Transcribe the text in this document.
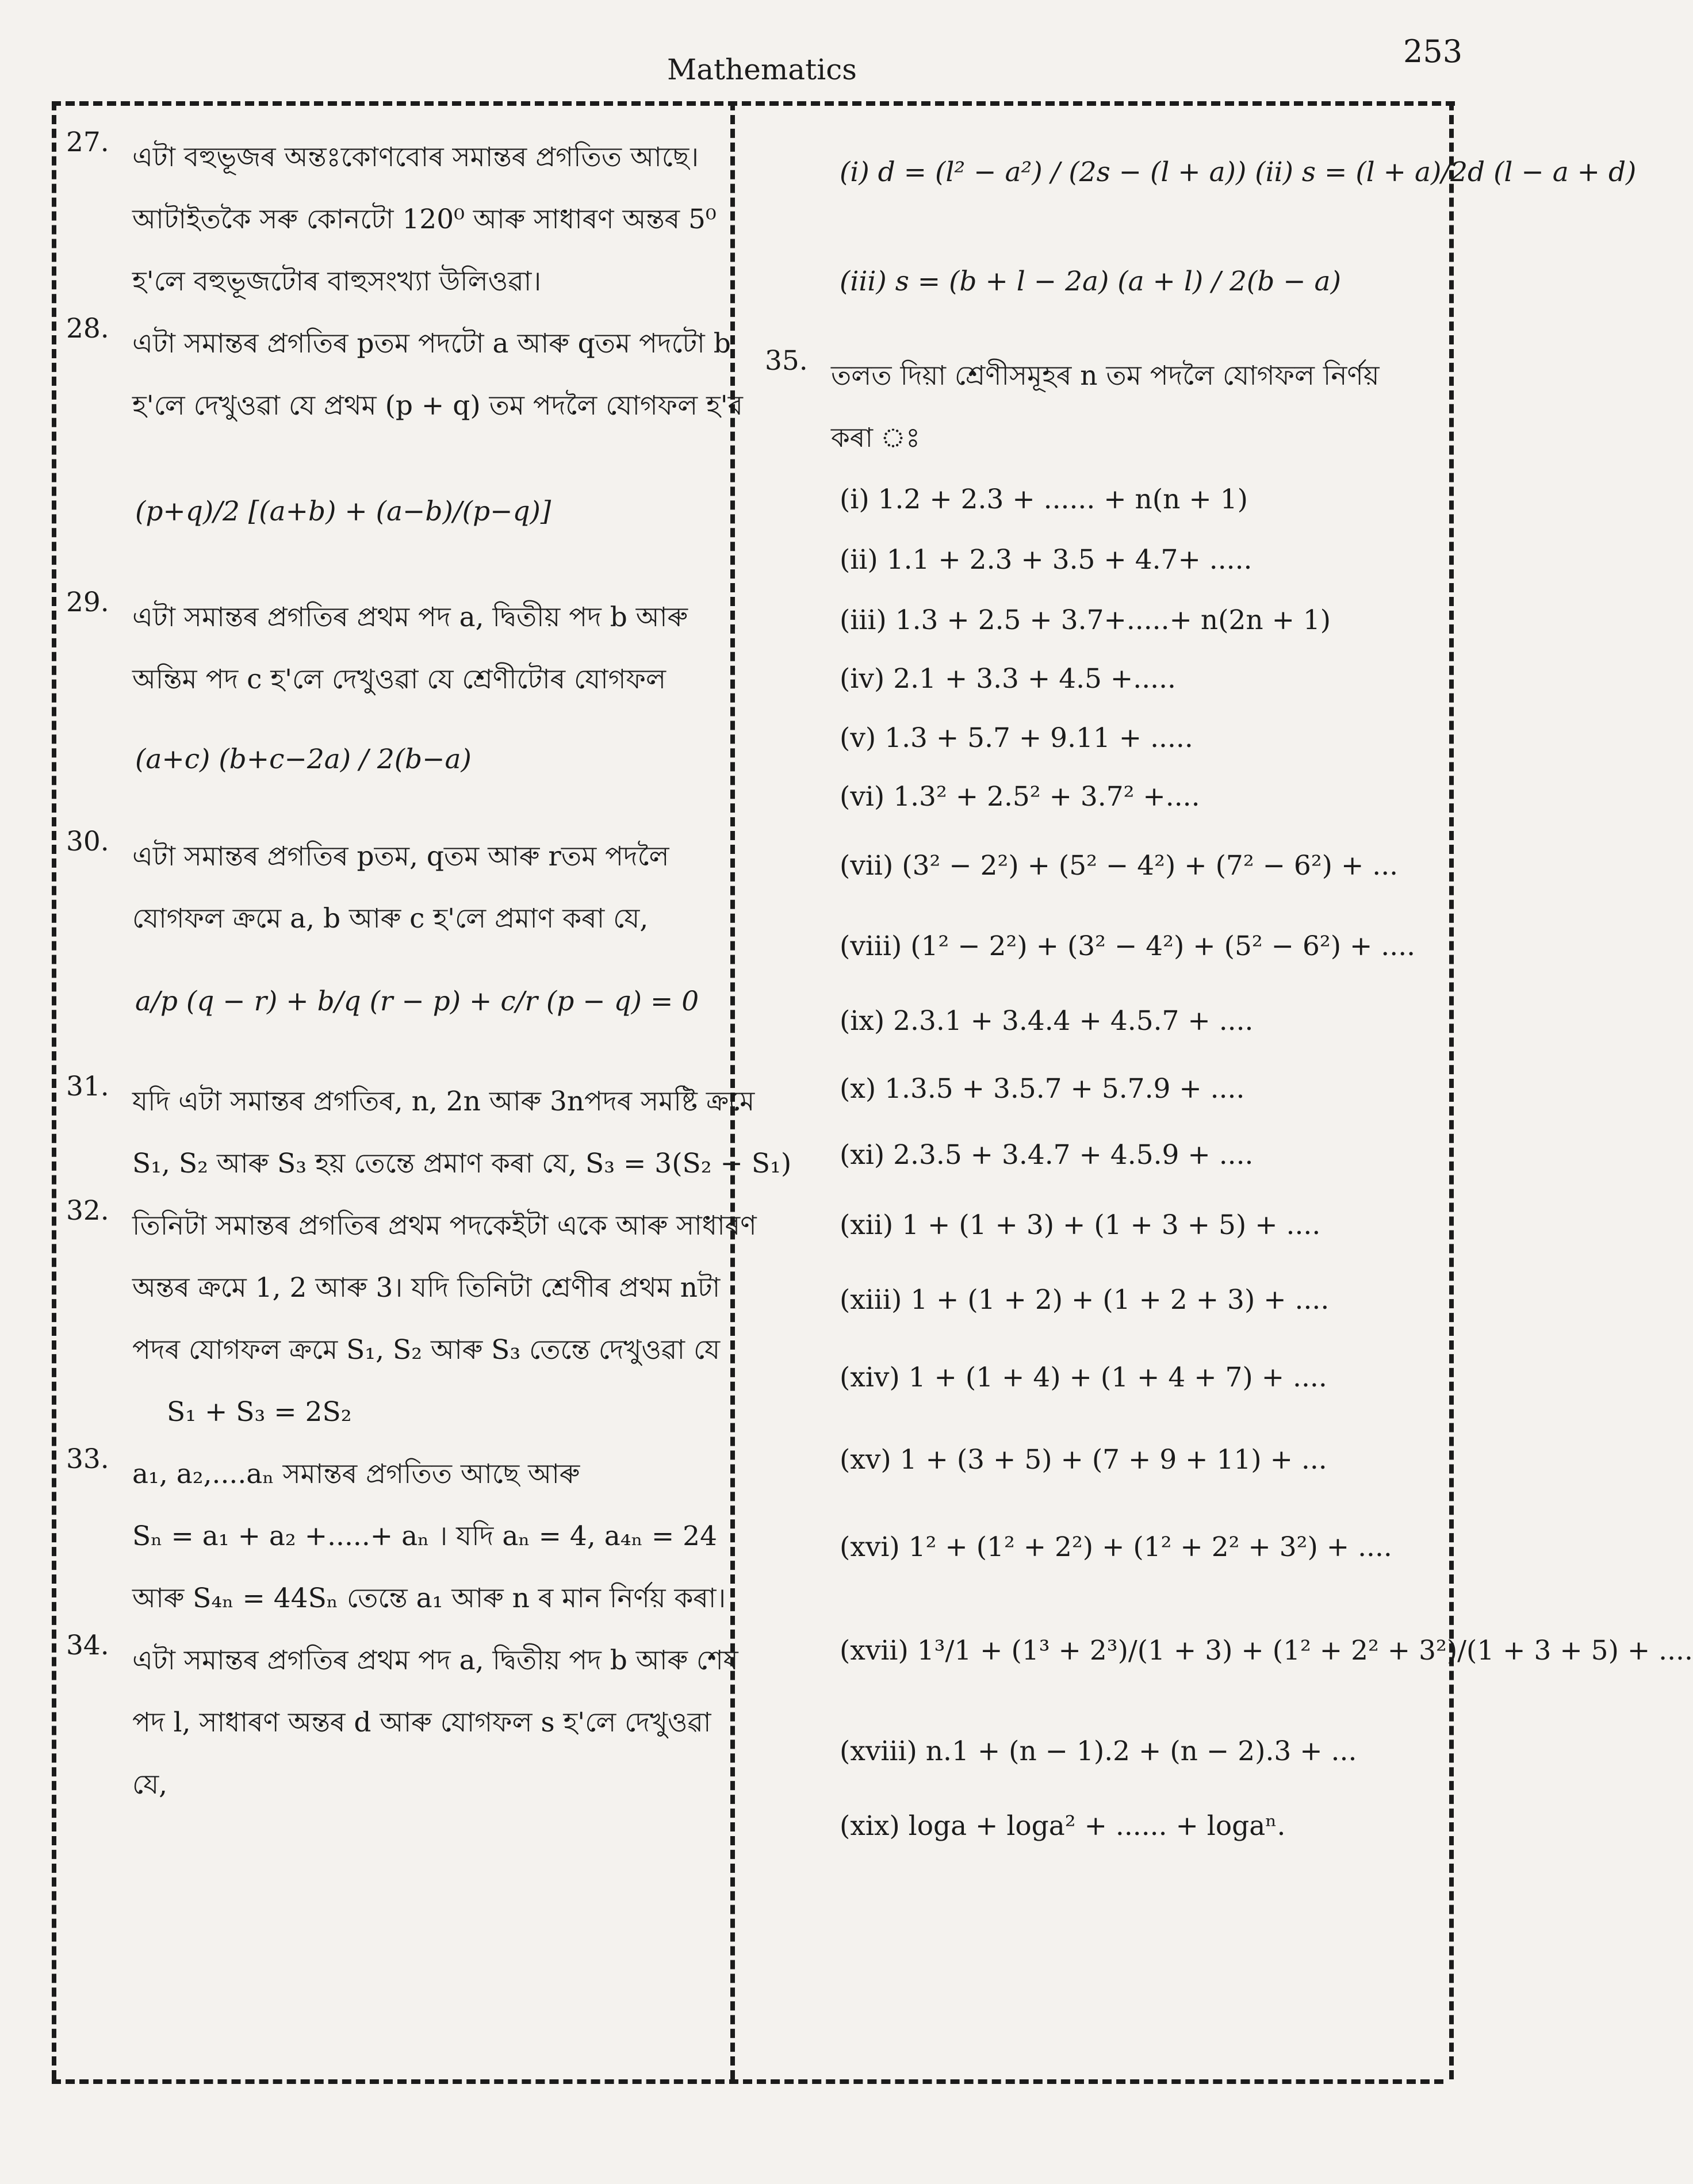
Mathematics	253
27. এটা বহুভূজৰ অন্তঃকোণবোৰ সমান্তৰ প্ৰগতিত আছে।
আটাইতকৈ সৰু কোনটো 120⁰ আৰু সাধাৰণ অন্তৰ 5⁰
হ'লে বহুভূজটোৰ বাহুসংখ্যা উলিওৱা।
28. এটা সমান্তৰ প্ৰগতিৰ pতম পদটো a আৰু qতম পদটো b
হ'লে দেখুওৱা যে প্ৰথম (p + q) তম পদলৈ যোগফল হ'ব
(p+q)/2 [(a+b) + (a−b)/(p−q)]
29. এটা সমান্তৰ প্ৰগতিৰ প্ৰথম পদ a, দ্বিতীয় পদ b আৰু
অন্তিম পদ c হ'লে দেখুওৱা যে শ্ৰেণীটোৰ যোগফল
(a+c) (b+c−2a) / 2(b−a)
30. এটা সমান্তৰ প্ৰগতিৰ pতম, qতম আৰু rতম পদলৈ
যোগফল ক্ৰমে a, b আৰু c হ'লে প্ৰমাণ কৰা যে,
a/p (q − r) + b/q (r − p) + c/r (p − q) = 0
31. যদি এটা সমান্তৰ প্ৰগতিৰ, n, 2n আৰু 3nপদৰ সমষ্টি ক্ৰমে
S₁, S₂ আৰু S₃ হয় তেন্তে প্ৰমাণ কৰা যে, S₃ = 3(S₂ − S₁)
32. তিনিটা সমান্তৰ প্ৰগতিৰ প্ৰথম পদকেইটা একে আৰু সাধাৰণ
অন্তৰ ক্ৰমে 1, 2 আৰু 3। যদি তিনিটা শ্ৰেণীৰ প্ৰথম nটা
পদৰ যোগফল ক্ৰমে S₁, S₂ আৰু S₃ তেন্তে দেখুওৱা যে
S₁ + S₃ = 2S₂
33. a₁, a₂,....aₙ সমান্তৰ প্ৰগতিত আছে আৰু
Sₙ = a₁ + a₂ +.....+ aₙ । যদি aₙ = 4, a₄ₙ = 24
আৰু S₄ₙ = 44Sₙ তেন্তে a₁ আৰু n ৰ মান নিৰ্ণয় কৰা।
34. এটা সমান্তৰ প্ৰগতিৰ প্ৰথম পদ a, দ্বিতীয় পদ b আৰু শেষ
পদ l, সাধাৰণ অন্তৰ d আৰু যোগফল s হ'লে দেখুওৱা
যে,
(i) d = (l² − a²) / (2s − (l + a)) (ii) s = (l + a)/2d (l − a + d)
(iii) s = (b + l − 2a) (a + l) / 2(b − a)
35. তলত দিয়া শ্ৰেণীসমূহৰ n তম পদলৈ যোগফল নিৰ্ণয়
কৰা ঃ
(i) 1.2 + 2.3 + ...... + n(n + 1)
(ii) 1.1 + 2.3 + 3.5 + 4.7+ .....
(iii) 1.3 + 2.5 + 3.7+.....+ n(2n + 1)
(iv) 2.1 + 3.3 + 4.5 +.....
(v) 1.3 + 5.7 + 9.11 + .....
(vi) 1.3² + 2.5² + 3.7² +....
(vii) (3² − 2²) + (5² − 4²) + (7² − 6²) + ...
(viii) (1² − 2²) + (3² − 4²) + (5² − 6²) + ....
(ix) 2.3.1 + 3.4.4 + 4.5.7 + ....
(x) 1.3.5 + 3.5.7 + 5.7.9 + ....
(xi) 2.3.5 + 3.4.7 + 4.5.9 + ....
(xii) 1 + (1 + 3) + (1 + 3 + 5) + ....
(xiii) 1 + (1 + 2) + (1 + 2 + 3) + ....
(xiv) 1 + (1 + 4) + (1 + 4 + 7) + ....
(xv) 1 + (3 + 5) + (7 + 9 + 11) + ...
(xvi) 1² + (1² + 2²) + (1² + 2² + 3²) + ....
(xvii) 1³/1 + (1³ + 2³)/(1 + 3) + (1² + 2² + 3²)/(1 + 3 + 5) + ....
(xviii) n.1 + (n − 1).2 + (n − 2).3 + ...
(xix) loga + loga² + ...... + logaⁿ.
